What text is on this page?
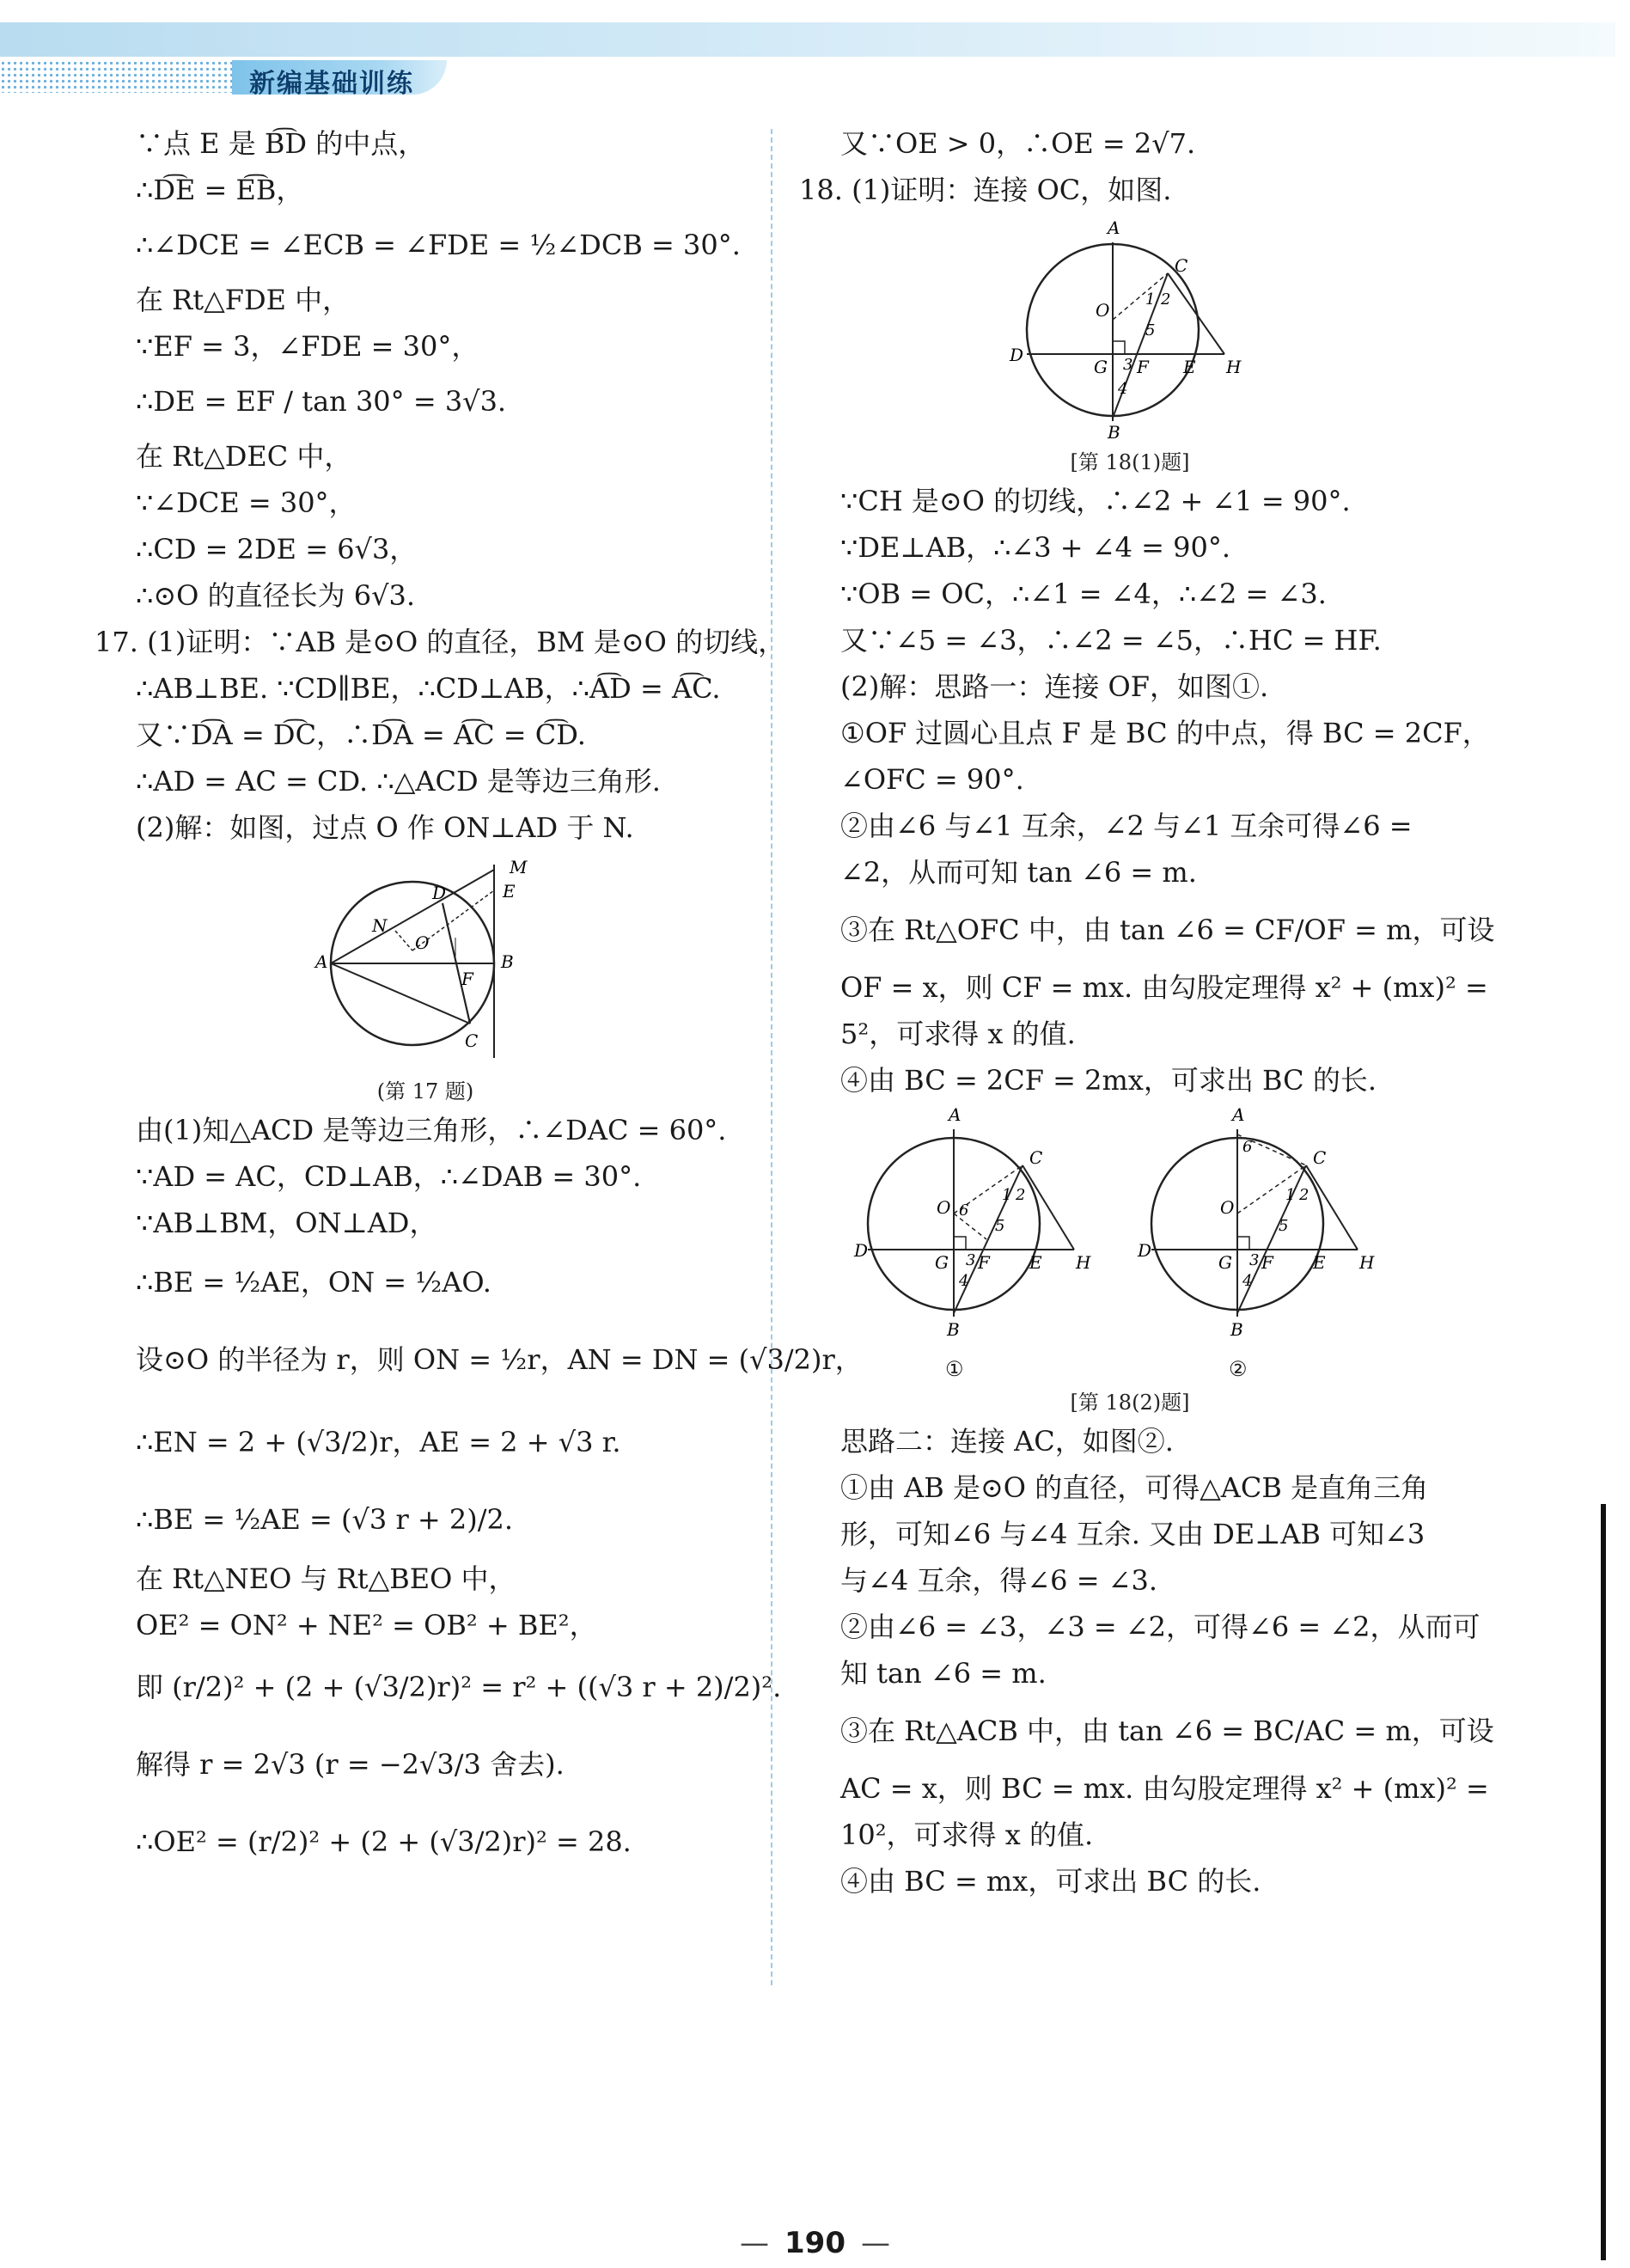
新编基础训练
∵点 E 是 B͡D 的中点，
∴D͡E = E͡B，
∴∠DCE = ∠ECB = ∠FDE = ½∠DCB = 30°.
在 Rt△FDE 中，
∵EF = 3，∠FDE = 30°，
∴DE = EF / tan 30° = 3√3.
在 Rt△DEC 中，
∵∠DCE = 30°，
∴CD = 2DE = 6√3，
∴⊙O 的直径长为 6√3.
17. (1)证明：∵AB 是⊙O 的直径，BM 是⊙O 的切线，
∴AB⊥BE. ∵CD∥BE，∴CD⊥AB，∴A͡D = A͡C.
又∵D͡A = D͡C，∴D͡A = A͡C = C͡D.
∴AD = AC = CD. ∴△ACD 是等边三角形.
(2)解：如图，过点 O 作 ON⊥AD 于 N.
M
E
D
N
O
A	B
F
C
(第 17 题)
由(1)知△ACD 是等边三角形，∴∠DAC = 60°.
∵AD = AC，CD⊥AB，∴∠DAB = 30°.
∵AB⊥BM，ON⊥AD，
∴BE = ½AE，ON = ½AO.
设⊙O 的半径为 r，则 ON = ½r，AN = DN = (√3/2)r，
∴EN = 2 + (√3/2)r，AE = 2 + √3 r.
∴BE = ½AE = (√3 r + 2)/2.
在 Rt△NEO 与 Rt△BEO 中，
OE² = ON² + NE² = OB² + BE²，
即 (r/2)² + (2 + (√3/2)r)² = r² + ((√3 r + 2)/2)².
解得 r = 2√3 (r = −2√3/3 舍去).
∴OE² = (r/2)² + (2 + (√3/2)r)² = 28.
又∵OE > 0，∴OE = 2√7.
18. (1)证明：连接 OC，如图.
A
C
O
1 2
5
D
G 3 F E H
4
B
[第 18(1)题]
∵CH 是⊙O 的切线，∴∠2 + ∠1 = 90°.
∵DE⊥AB，∴∠3 + ∠4 = 90°.
∵OB = OC，∴∠1 = ∠4，∴∠2 = ∠3.
又∵∠5 = ∠3，∴∠2 = ∠5，∴HC = HF.
(2)解：思路一：连接 OF，如图①.
①OF 过圆心且点 F 是 BC 的中点，得 BC = 2CF，
∠OFC = 90°.
②由∠6 与∠1 互余，∠2 与∠1 互余可得∠6 =
∠2，从而可知 tan ∠6 = m.
③在 Rt△OFC 中，由 tan ∠6 = CF/OF = m，可设
OF = x，则 CF = mx. 由勾股定理得 x² + (mx)² =
5²，可求得 x 的值.
④由 BC = 2CF = 2mx，可求出 BC 的长.
A
C
O 6
1 2
5
D
G 3 F E H
4
B
A
6
C
O
1 2
5
D
G 3 F E H
4
B
①	②
[第 18(2)题]
思路二：连接 AC，如图②.
①由 AB 是⊙O 的直径，可得△ACB 是直角三角
形，可知∠6 与∠4 互余. 又由 DE⊥AB 可知∠3
与∠4 互余，得∠6 = ∠3.
②由∠6 = ∠3，∠3 = ∠2，可得∠6 = ∠2，从而可
知 tan ∠6 = m.
③在 Rt△ACB 中，由 tan ∠6 = BC/AC = m，可设
AC = x，则 BC = mx. 由勾股定理得 x² + (mx)² =
10²，可求得 x 的值.
④由 BC = mx，可求出 BC 的长.
— 190 —
